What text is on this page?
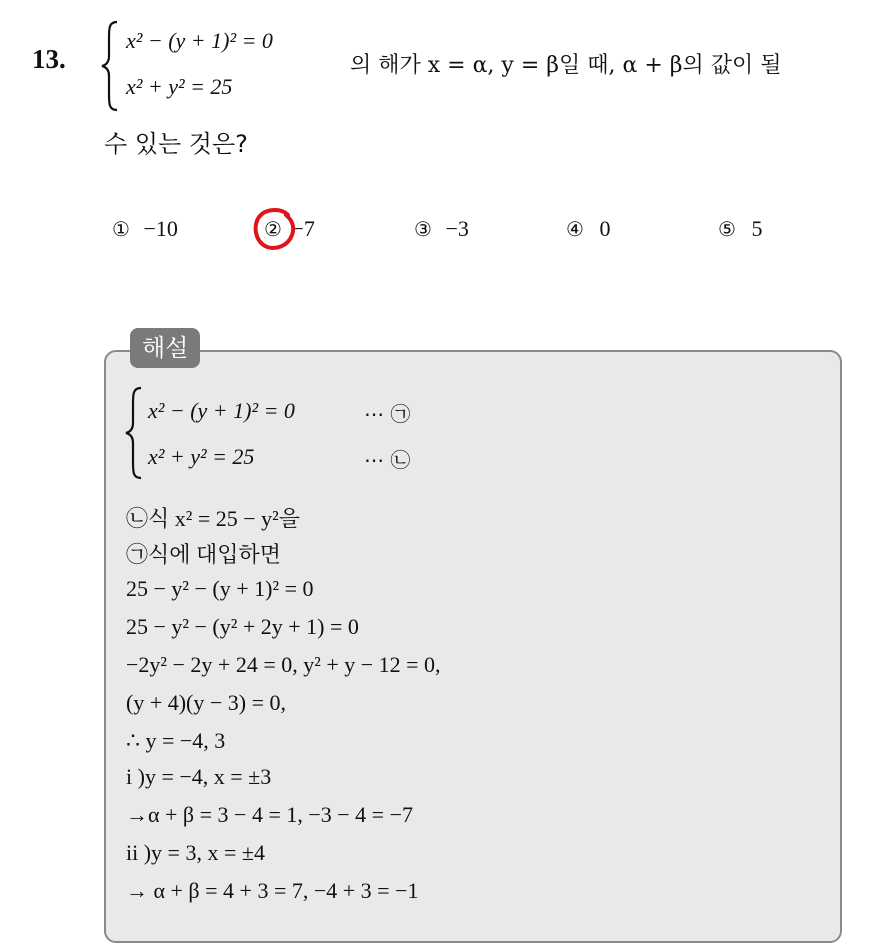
13.
x² − (y + 1)² = 0
x² + y² = 25
의 해가 x = α, y = β일 때, α + β의 값이 될
수 있는 것은?
① −10	② −7	③ −3	④ 0	⑤ 5
해설
x² − (y + 1)² = 0	⋯ ㉠
x² + y² = 25	⋯ ㉡
㉡식 x² = 25 − y²을
㉠식에 대입하면
25 − y² − (y + 1)² = 0
25 − y² − (y² + 2y + 1) = 0
−2y² − 2y + 24 = 0, y² + y − 12 = 0,
(y + 4)(y − 3) = 0,
∴ y = −4, 3
i )y = −4, x = ±3
→α + β = 3 − 4 = 1, −3 − 4 = −7
ii )y = 3, x = ±4
→ α + β = 4 + 3 = 7, −4 + 3 = −1
